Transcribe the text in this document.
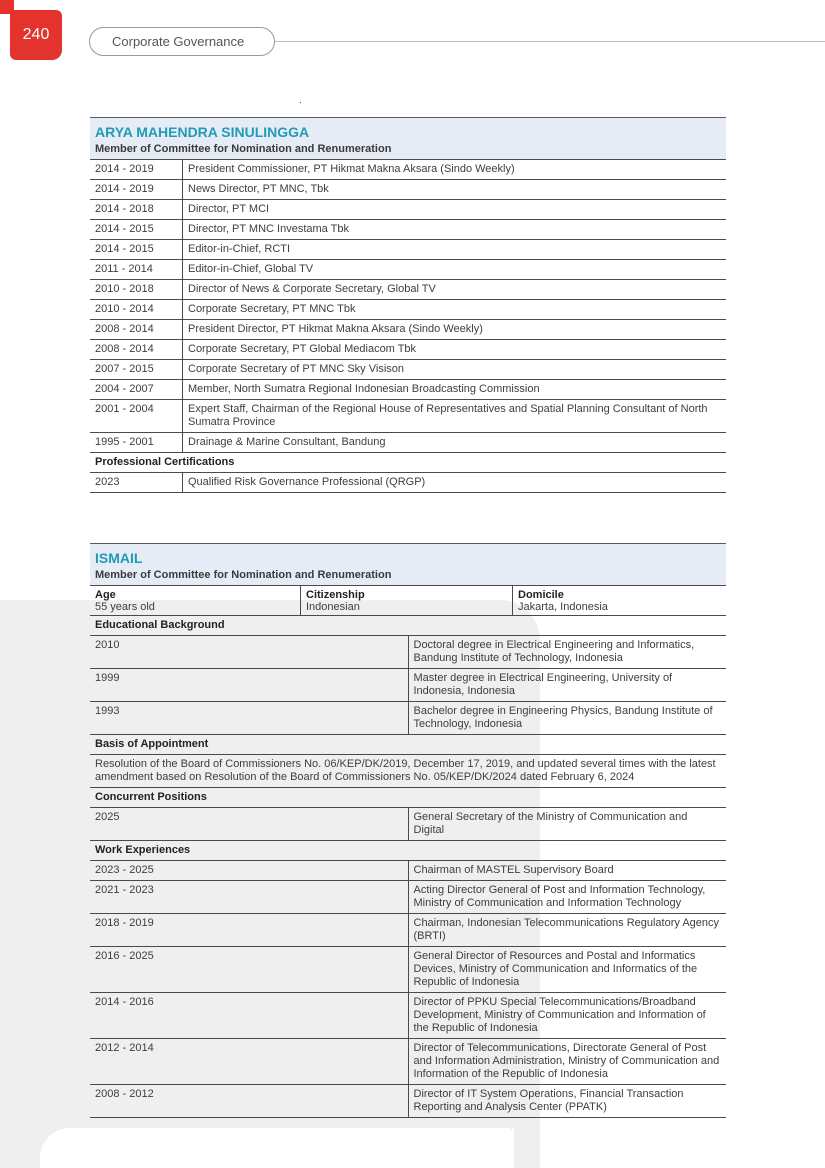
240	Corporate Governance
ARYA MAHENDRA SINULINGGA
Member of Committee for Nomination and Renumeration
2014 - 2019	President Commissioner, PT Hikmat Makna Aksara (Sindo Weekly)
2014 - 2019	News Director, PT MNC, Tbk
2014 - 2018	Director, PT MCI
2014 - 2015	Director, PT MNC Investama Tbk
2014 - 2015	Editor-in-Chief, RCTI
2011 - 2014	Editor-in-Chief, Global TV
2010 - 2018	Director of News & Corporate Secretary, Global TV
2010 - 2014	Corporate Secretary, PT MNC Tbk
2008 - 2014	President Director, PT Hikmat Makna Aksara (Sindo Weekly)
2008 - 2014	Corporate Secretary, PT Global Mediacom Tbk
2007 - 2015	Corporate Secretary of PT MNC Sky Visison
2004 - 2007	Member, North Sumatra Regional Indonesian Broadcasting Commission
2001 - 2004	Expert Staff, Chairman of the Regional House of Representatives and Spatial Planning Consultant of North Sumatra Province
1995 - 2001	Drainage & Marine Consultant, Bandung
Professional Certifications	
2023	Qualified Risk Governance Professional (QRGP)
ISMAIL
Member of Committee for Nomination and Renumeration
Age
55 years old

Citizenship
Indonesian

Domicile
Jakarta, Indonesia
Educational Background	
2010	Doctoral degree in Electrical Engineering and Informatics, Bandung Institute of Technology, Indonesia
1999	Master degree in Electrical Engineering, University of Indonesia, Indonesia
1993	Bachelor degree in Engineering Physics, Bandung Institute of Technology, Indonesia
Basis of Appointment	
Resolution of the Board of Commissioners No. 06/KEP/DK/2019, December 17, 2019, and updated several times with the latest amendment based on Resolution of the Board of Commissioners No. 05/KEP/DK/2024 dated February 6, 2024	
Concurrent Positions	
2025	General Secretary of the Ministry of Communication and Digital
Work Experiences	
2023 - 2025	Chairman of MASTEL Supervisory Board
2021 - 2023	Acting Director General of Post and Information Technology, Ministry of Communication and Information Technology
2018 - 2019	Chairman, Indonesian Telecommunications Regulatory Agency (BRTI)
2016 - 2025	General Director of Resources and Postal and Informatics Devices, Ministry of Communication and Informatics of the Republic of Indonesia
2014 - 2016	Director of PPKU Special Telecommunications/Broadband Development, Ministry of Communication and Information of the Republic of Indonesia
2012 - 2014	Director of Telecommunications, Directorate General of Post and Information Administration, Ministry of Communication and Information of the Republic of Indonesia
2008 - 2012	Director of IT System Operations, Financial Transaction Reporting and Analysis Center (PPATK)
